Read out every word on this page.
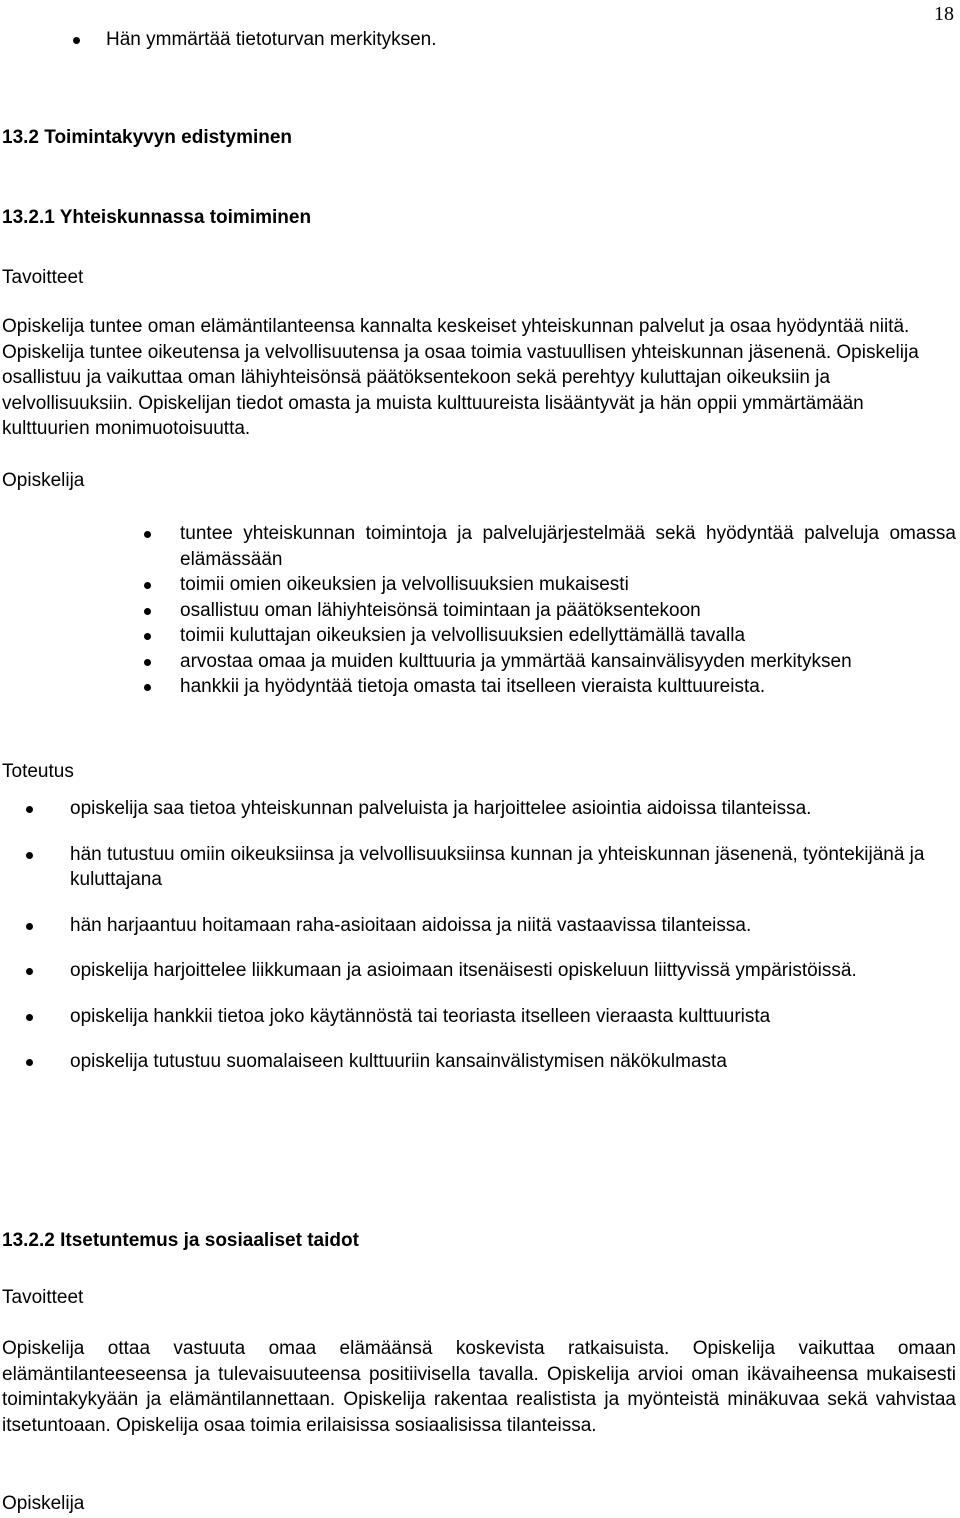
18
Hän ymmärtää tietoturvan merkityksen.
13.2 Toimintakyvyn edistyminen
13.2.1 Yhteiskunnassa toimiminen
Tavoitteet

Opiskelija tuntee oman elämäntilanteensa kannalta keskeiset yhteiskunnan palvelut ja osaa hyödyntää niitä. Opiskelija tuntee oikeutensa ja velvollisuutensa ja osaa toimia vastuullisen yhteiskunnan jäsenenä. Opiskelija osallistuu ja vaikuttaa oman lähiyhteisönsä päätöksentekoon sekä perehtyy kuluttajan oikeuksiin ja velvollisuuksiin. Opiskelijan tiedot omasta ja muista kulttuureista lisääntyvät ja hän oppii ymmärtämään kulttuurien monimuotoisuutta.

Opiskelija
tuntee yhteiskunnan toimintoja ja palvelujärjestelmää sekä hyödyntää palveluja omassa elämässään
toimii omien oikeuksien ja velvollisuuksien mukaisesti
osallistuu oman lähiyhteisönsä toimintaan ja päätöksentekoon
toimii kuluttajan oikeuksien ja velvollisuuksien edellyttämällä tavalla
arvostaa omaa ja muiden kulttuuria ja ymmärtää kansainvälisyyden merkityksen
hankkii ja hyödyntää tietoja omasta tai itselleen vieraista kulttuureista.
Toteutus
opiskelija saa tietoa yhteiskunnan palveluista ja harjoittelee asiointia aidoissa tilanteissa.
hän tutustuu omiin oikeuksiinsa ja velvollisuuksiinsa kunnan ja yhteiskunnan jäsenenä, työntekijänä ja kuluttajana
hän harjaantuu hoitamaan raha-asioitaan aidoissa ja niitä vastaavissa tilanteissa.
opiskelija harjoittelee liikkumaan ja asioimaan itsenäisesti opiskeluun liittyvissä ympäristöissä.
opiskelija hankkii tietoa joko käytännöstä tai teoriasta itselleen vieraasta kulttuurista
opiskelija tutustuu suomalaiseen kulttuuriin kansainvälistymisen näkökulmasta
13.2.2 Itsetuntemus ja sosiaaliset taidot
Tavoitteet

Opiskelija ottaa vastuuta omaa elämäänsä koskevista ratkaisuista. Opiskelija vaikuttaa omaan elämäntilanteeseensa ja tulevaisuuteensa positiivisella tavalla. Opiskelija arvioi oman ikävaiheensa mukaisesti toimintakykyään ja elämäntilannettaan. Opiskelija rakentaa realistista ja myönteistä minäkuvaa sekä vahvistaa itsetuntoaan. Opiskelija osaa toimia erilaisissa sosiaalisissa tilanteissa.

Opiskelija
